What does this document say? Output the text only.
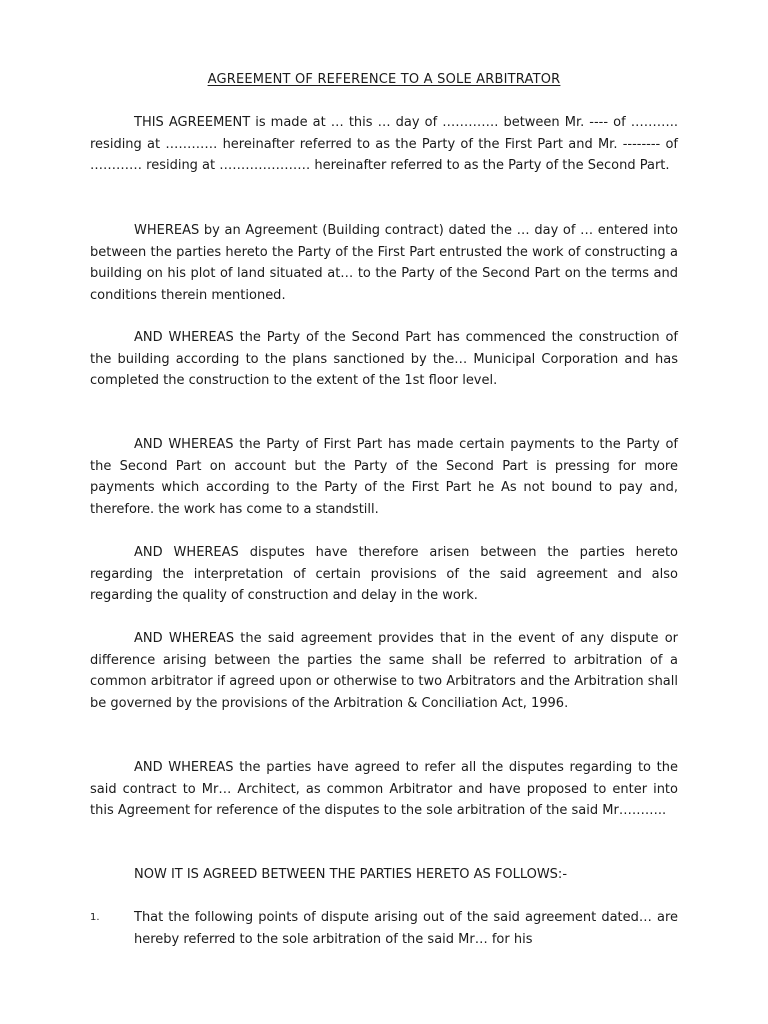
AGREEMENT OF REFERENCE TO A SOLE ARBITRATOR

THIS AGREEMENT is made at … this … day of …………. between Mr. ---- of ……….. residing at ………… hereinafter referred to as the Party of the First Part and Mr. -------- of ………… residing at ………………… hereinafter referred to as the Party of the Second Part.

WHEREAS by an Agreement (Building contract) dated the … day of … entered into between the parties hereto the Party of the First Part entrusted the work of constructing a building on his plot of land situated at… to the Party of the Second Part on the terms and conditions therein mentioned.

AND WHEREAS the Party of the Second Part has commenced the construction of the building according to the plans sanctioned by the… Municipal Corporation and has completed the construction to the extent of the 1st floor level.

AND WHEREAS the Party of First Part has made certain payments to the Party of the Second Part on account but the Party of the Second Part is pressing for more payments which according to the Party of the First Part he As not bound to pay and, therefore. the work has come to a standstill.

AND WHEREAS disputes have therefore arisen between the parties hereto regarding the interpretation of certain provisions of the said agreement and also regarding the quality of construction and delay in the work.

AND WHEREAS the said agreement provides that in the event of any dispute or difference arising between the parties the same shall be referred to arbitration of a common arbitrator if agreed upon or otherwise to two Arbitrators and the Arbitration shall be governed by the provisions of the Arbitration & Conciliation Act, 1996.

AND WHEREAS the parties have agreed to refer all the disputes regarding to the said contract to Mr… Architect, as common Arbitrator and have proposed to enter into this Agreement for reference of the disputes to the sole arbitration of the said Mr………..

NOW IT IS AGREED BETWEEN THE PARTIES HERETO AS FOLLOWS:-

1.	That the following points of dispute arising out of the said agreement dated… are hereby referred to the sole arbitration of the said Mr… for his
